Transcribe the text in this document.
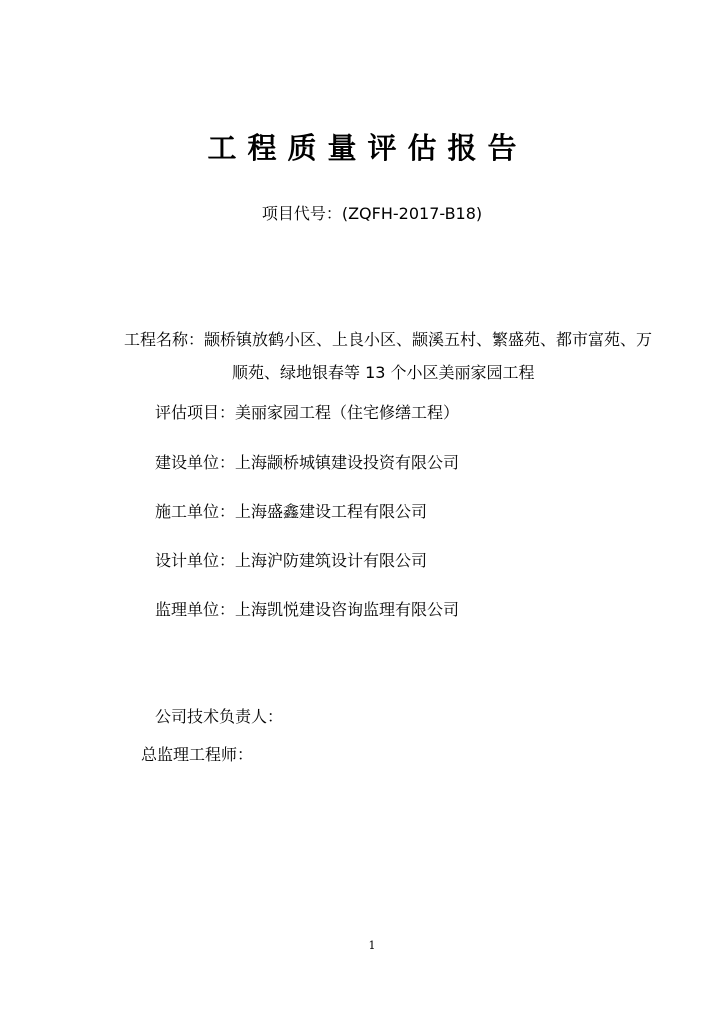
工程质量评估报告
项目代号：(ZQFH-2017-B18)
工程名称：颛桥镇放鹤小区、上良小区、颛溪五村、繁盛苑、都市富苑、万
顺苑、绿地银春等 13 个小区美丽家园工程
评估项目：美丽家园工程（住宅修缮工程）
建设单位：上海颛桥城镇建设投资有限公司
施工单位：上海盛鑫建设工程有限公司
设计单位：上海沪防建筑设计有限公司
监理单位：上海凯悦建设咨询监理有限公司
公司技术负责人：
总监理工程师：
1
